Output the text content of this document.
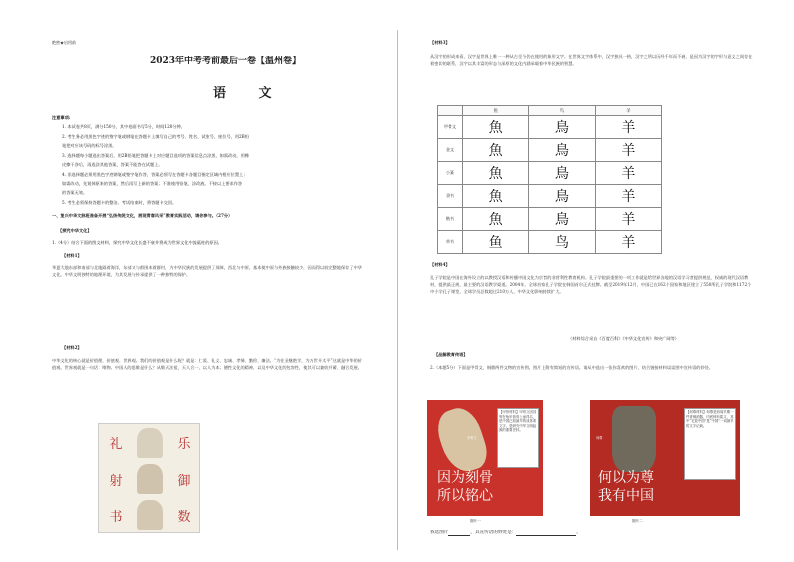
绝密★启用前
2023年中考考前最后一卷【温州卷】
语 文
注意事项:
1. 本试卷共8页，满分150分，其中卷面书写5分，时间120分钟。
2. 考生务必用黑色字迹的签字笔或钢笔在答题卡上填写自己的考号、姓名、试室号、座位号，用2B铅
笔把对应该号码的标号涂黑。
3. 选择题每小题选出答案后，用2B铅笔把答题卡上对应题目选项的答案信息点涂黑，如需改动，用橡
皮擦干净后，再选涂其他答案，答案不能答在试题上。
4. 非选择题必须用黑色字迹钢笔或签字笔作答，答案必须写在答题卡各题目指定区域内相应位置上；
如需改动，先划掉原来的答案，然后再写上新的答案；不准使用铅笔、涂改液。不按以上要求作答
的答案无效。
5. 考生必须保持答题卡的整洁。考试结束时，将答题卡交回。
一、复兴中华文脉班准备开展“弘扬传统文化，展现青春风采”教育实践活动，请你参与。（27分）
【探究中华文化】
1.（4分）结合下面的图文材料，探究中华文化长盛不衰并将成为世界文化中流砥柱的原因。
【材料1】
华夏大地东部和南部与北地隔着海洋，东部又与群围本着群村，为中华民族的发展提供了屏障，西北与中原，基本使中原与外族接触较少，因而得以较完整地保存了中华文化。中华文明独特的地理环境，为其发展与传承提供了一种独特的保护。
【材料2】
中华文化的核心就是价值理、价值观、世界观。我们的价值观是什么呢？就是：仁爱、礼义、忠诚、孝悌、勤俭、廉洁。“为往圣继绝学，为万世开太平”这就是中华的价值观。世界观就是一句话：唯物。中国人的思维是什么？从敬天法祖、天人合一，以人为本；德性文化的精神，以及中华文化的包容性，使其可以兼收并蓄、融合发展。
礼	乐
射	御
书	数
【材料3】
从汉字的形成来看，汉字是世界上唯一一种从古至今仍在使用的象形文字。在世界文字体系中，汉字独具一格，汉字之所以历经千年而不衰，是因为汉字的字形与意义之间存在着密切的联系，汉字以其丰富的形态与深厚的文化内涵承载着中华民族的智慧。
	鱼	鸟	羊
甲骨文	魚	鳥	羊
金文	魚	鳥	羊
小篆	魚	鳥	羊
隶书	魚	鳥	羊
楷书	魚	鳥	羊
草书	鱼	鸟	羊
【材料4】
孔子学院是中国在海外设立的以教授汉语和传播中国文化为宗旨的非营利性教育机构。孔子学院最重要的一项工作就是给世界各地的汉语学习者提供规范、权威的现代汉语教材，提供最正规、最主要的汉语教学渠道。2004年，全球首家孔子学院在韩国首尔正式挂牌。截至2019年12月，中国已在162个国家和地区建立了550所孔子学院和1172个中小学孔子课堂，全球学员总数超过210万人，中华文化影响持续扩大。
（材料综合采自《百度百科》《中华文化宣传》和央广网等）
【品解教育传语】
2.（本题5分）下面是甲骨文、铜鼎两件文物的宣传图。图片上附有简短的宣传语。请从中选出一张你喜欢的图片，结合链接材料谈谈图中宣传语的妙处。
甲骨文
因为刻骨
所以铭心
【甲骨材料】甲骨文因其刻在龟甲兽骨上而得名，是中国已知最早的成体系文字，是研究中华文明起源的重要史料。
图片一
何尊
何以为尊
我有中国
【何尊材料】何尊是西周早期一件青铜酒器，内底铸有铭文，其中“宅兹中国”是“中国”一词最早的文字记载。
图片二
我选图片	，其宣传语的妙处是：	。
